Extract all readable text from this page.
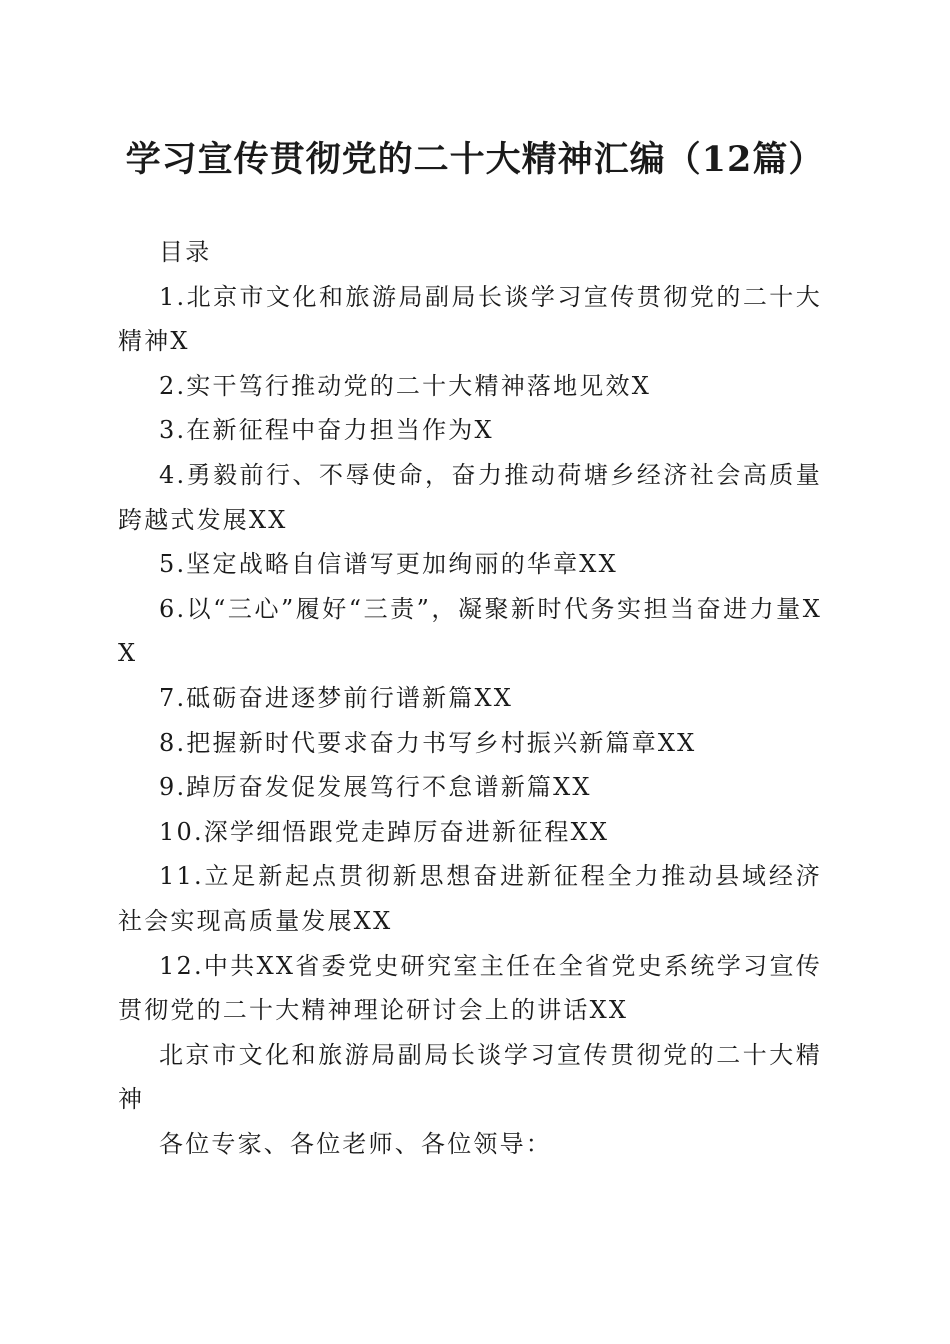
学习宣传贯彻党的二十大精神汇编（12篇）

目录

1.北京市文化和旅游局副局长谈学习宣传贯彻党的二十大精神X

2.实干笃行推动党的二十大精神落地见效X

3.在新征程中奋力担当作为X

4.勇毅前行、不辱使命，奋力推动荷塘乡经济社会高质量跨越式发展XX

5.坚定战略自信谱写更加绚丽的华章XX

6.以“三心”履好“三责”，凝聚新时代务实担当奋进力量XX

7.砥砺奋进逐梦前行谱新篇XX

8.把握新时代要求奋力书写乡村振兴新篇章XX

9.踔厉奋发促发展笃行不怠谱新篇XX

10.深学细悟跟党走踔厉奋进新征程XX

11.立足新起点贯彻新思想奋进新征程全力推动县域经济社会实现高质量发展XX

12.中共XX省委党史研究室主任在全省党史系统学习宣传贯彻党的二十大精神理论研讨会上的讲话XX

北京市文化和旅游局副局长谈学习宣传贯彻党的二十大精神

各位专家、各位老师、各位领导：
